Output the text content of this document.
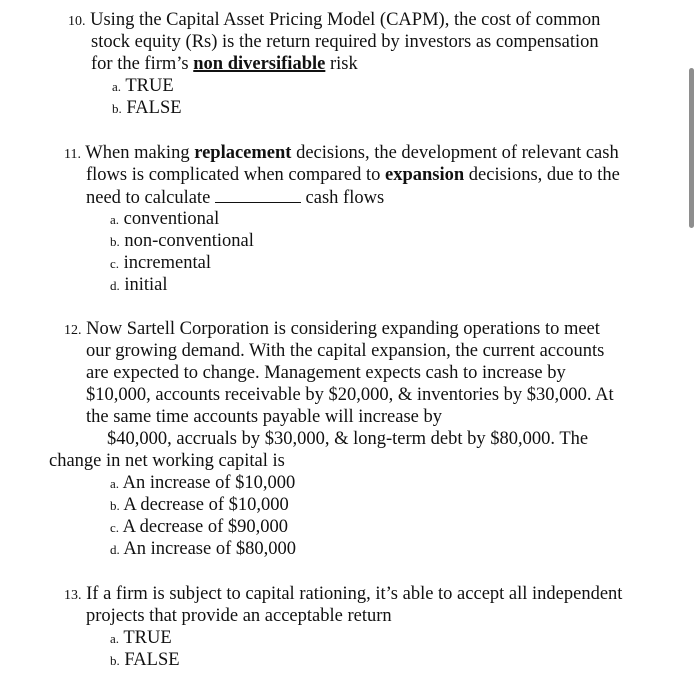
10. Using the Capital Asset Pricing Model (CAPM), the cost of common
stock equity (Rs) is the return required by investors as compensation
for the firm’s non diversifiable risk
a. TRUE
b. FALSE
11. When making replacement decisions, the development of relevant cash
flows is complicated when compared to expansion decisions, due to the
need to calculate	cash flows
a. conventional
b. non-conventional
c. incremental
d. initial
12. Now Sartell Corporation is considering expanding operations to meet
our growing demand. With the capital expansion, the current accounts
are expected to change. Management expects cash to increase by
$10,000, accounts receivable by $20,000, & inventories by $30,000. At
the same time accounts payable will increase by
$40,000, accruals by $30,000, & long-term debt by $80,000. The
change in net working capital is
a. An increase of $10,000
b. A decrease of $10,000
c. A decrease of $90,000
d. An increase of $80,000
13. If a firm is subject to capital rationing, it’s able to accept all independent
projects that provide an acceptable return
a. TRUE
b. FALSE
